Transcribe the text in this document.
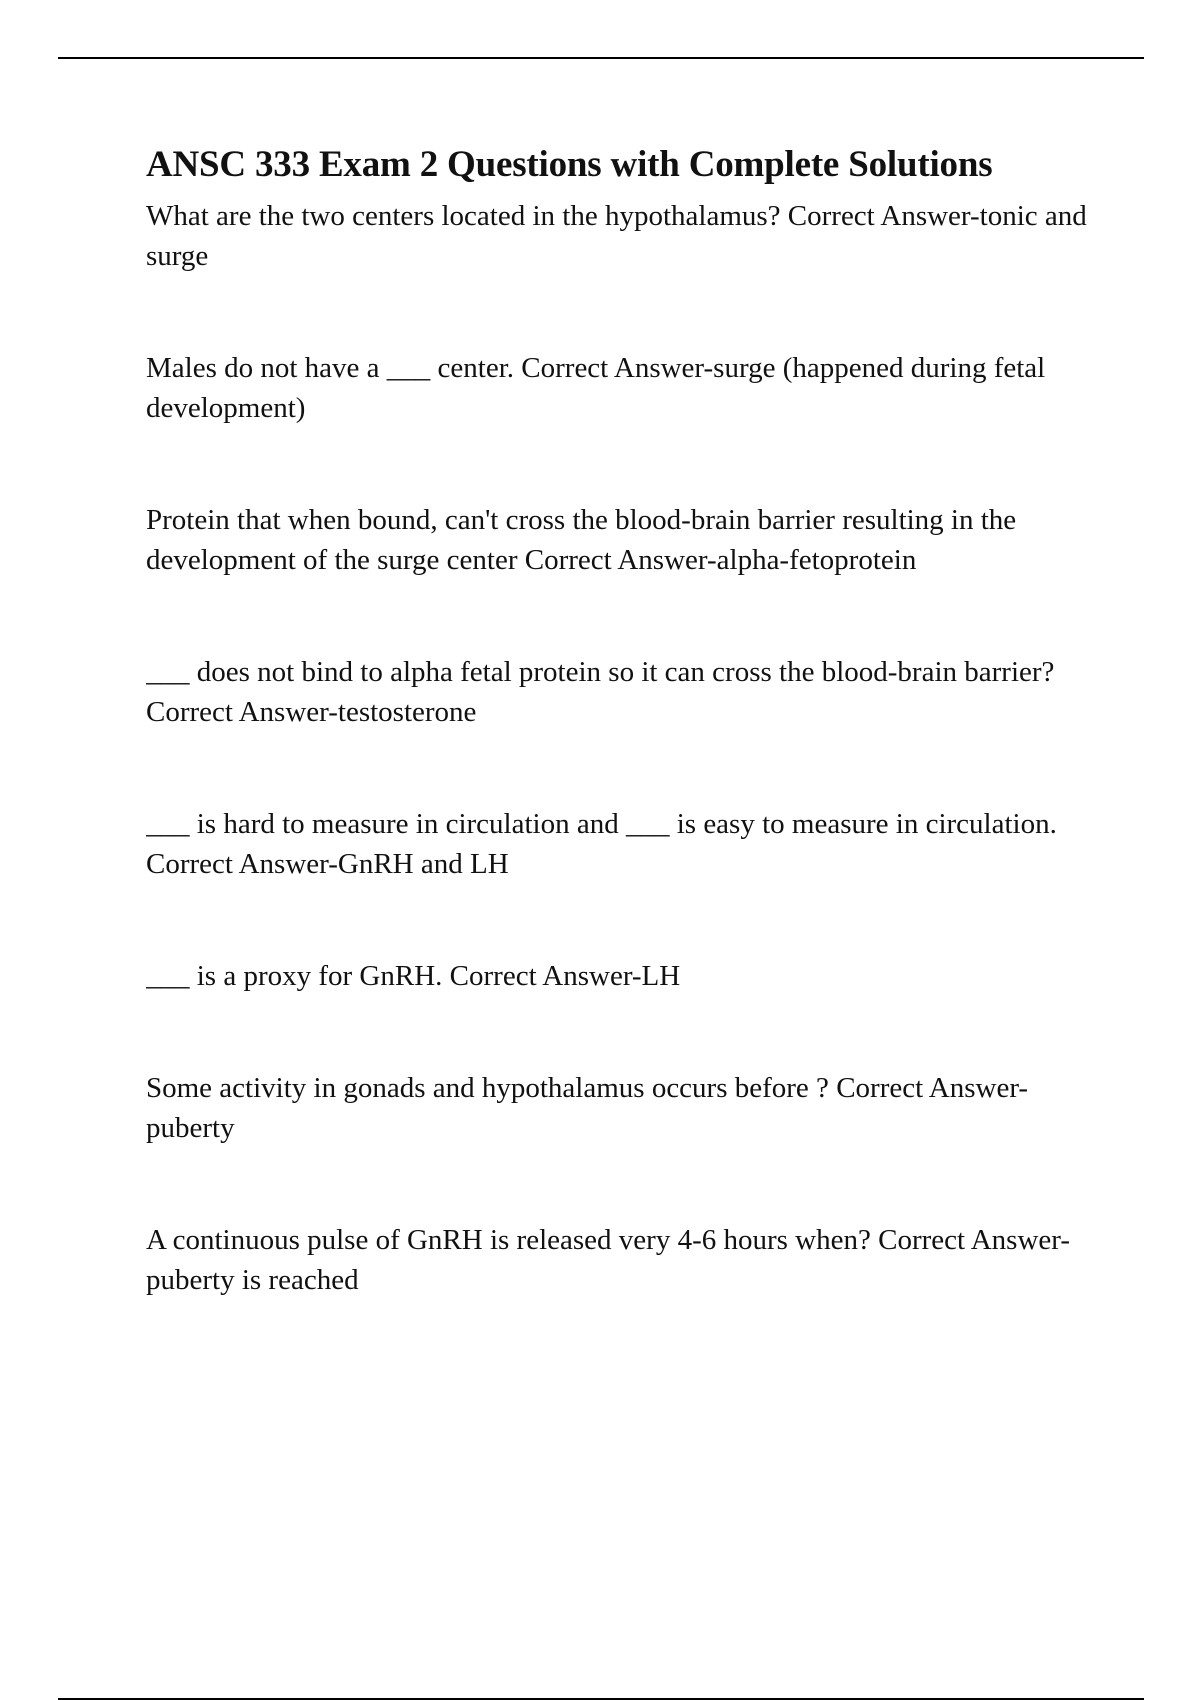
ANSC 333 Exam 2 Questions with Complete Solutions
What are the two centers located in the hypothalamus? Correct Answer-tonic and surge
Males do not have a ___ center. Correct Answer-surge (happened during fetal development)
Protein that when bound, can't cross the blood-brain barrier resulting in the development of the surge center Correct Answer-alpha-fetoprotein
___ does not bind to alpha fetal protein so it can cross the blood-brain barrier?Correct Answer-testosterone
___ is hard to measure in circulation and ___ is easy to measure in circulation.Correct Answer-GnRH and LH
___ is a proxy for GnRH. Correct Answer-LH
Some activity in gonads and hypothalamus occurs before ? Correct Answer-puberty
A continuous pulse of GnRH is released very 4-6 hours when? Correct Answer-puberty is reached
